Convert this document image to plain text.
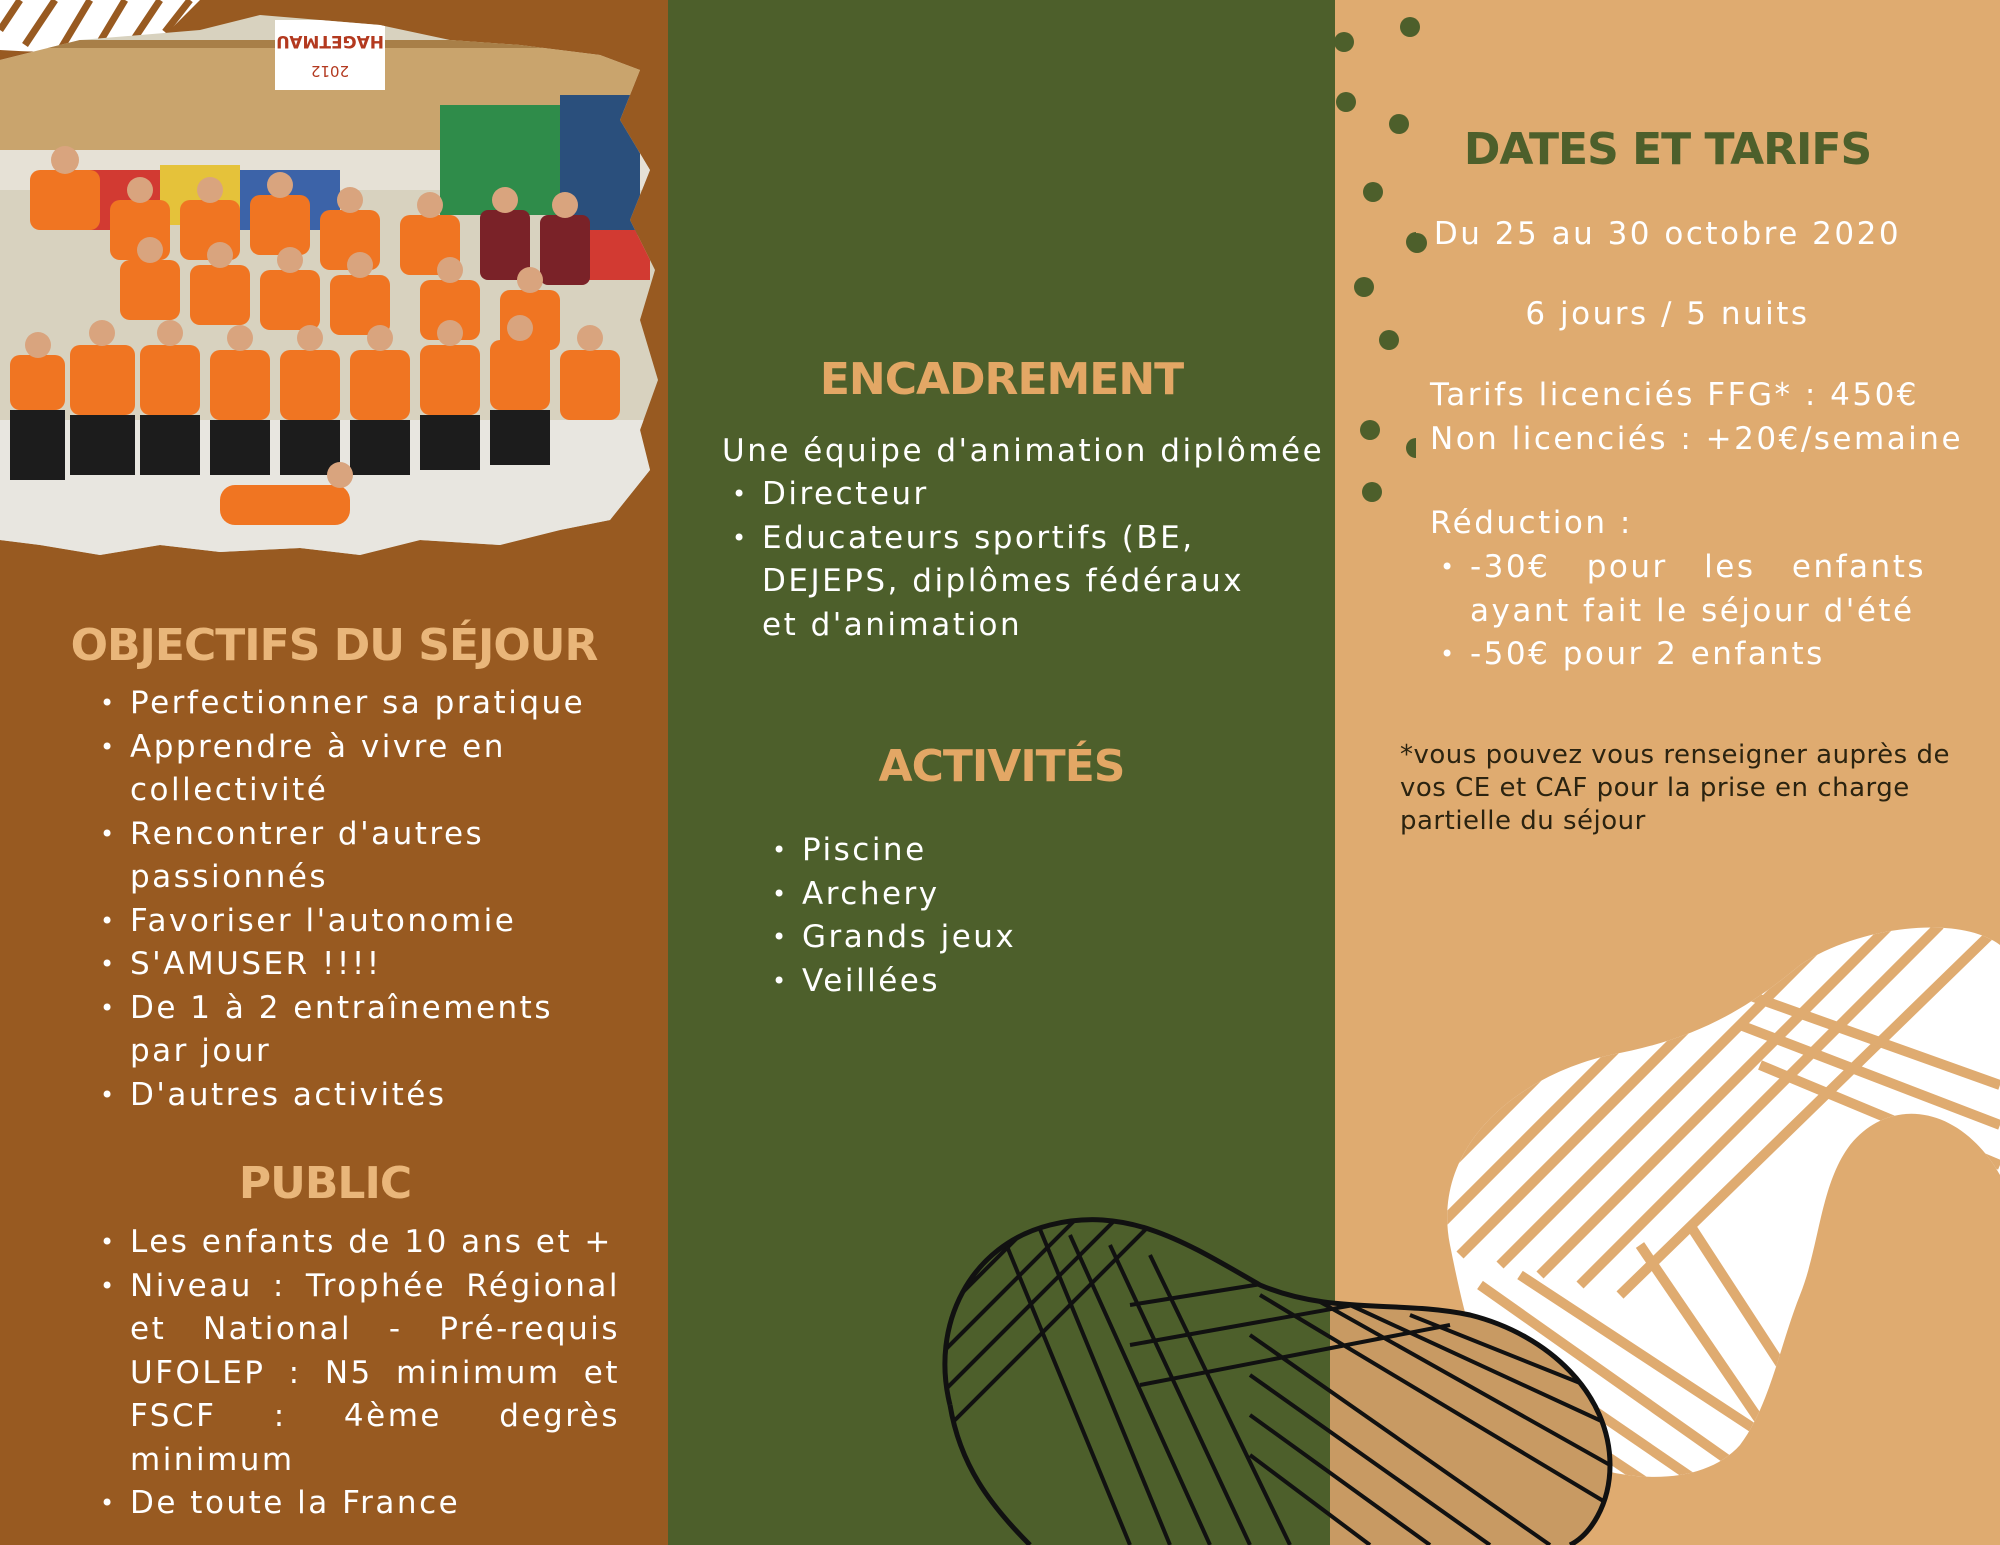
HAGETMAU
2012
OBJECTIFS DU SÉJOUR
• Perfectionner sa pratique
• Apprendre à vivre en collectivité
• Rencontrer d'autres passionnés
• Favoriser l'autonomie
• S'AMUSER !!!!
• De 1 à 2 entraînements par jour
• D'autres activités
PUBLIC
• Les enfants de 10 ans et +
• Niveau : Trophée Régional et National - Pré-requis UFOLEP : N5 minimum et FSCF : 4ème degrès minimum
• De toute la France
ENCADREMENT

Une équipe d'animation diplômée

• Directeur
• Educateurs sportifs (BE, DEJEPS, diplômes fédéraux et d'animation
ACTIVITÉS
• Piscine
• Archery
• Grands jeux
• Veillées
DATES ET TARIFS

Du 25 au 30 octobre 2020

6 jours / 5 nuits

Tarifs licenciés FFG* : 450€

Non licenciés : +20€/semaine

Réduction :

• -30€ pour les enfants ayant fait le séjour d'été
• -50€ pour 2 enfants

*vous pouvez vous renseigner auprès de vos CE et CAF pour la prise en charge partielle du séjour
